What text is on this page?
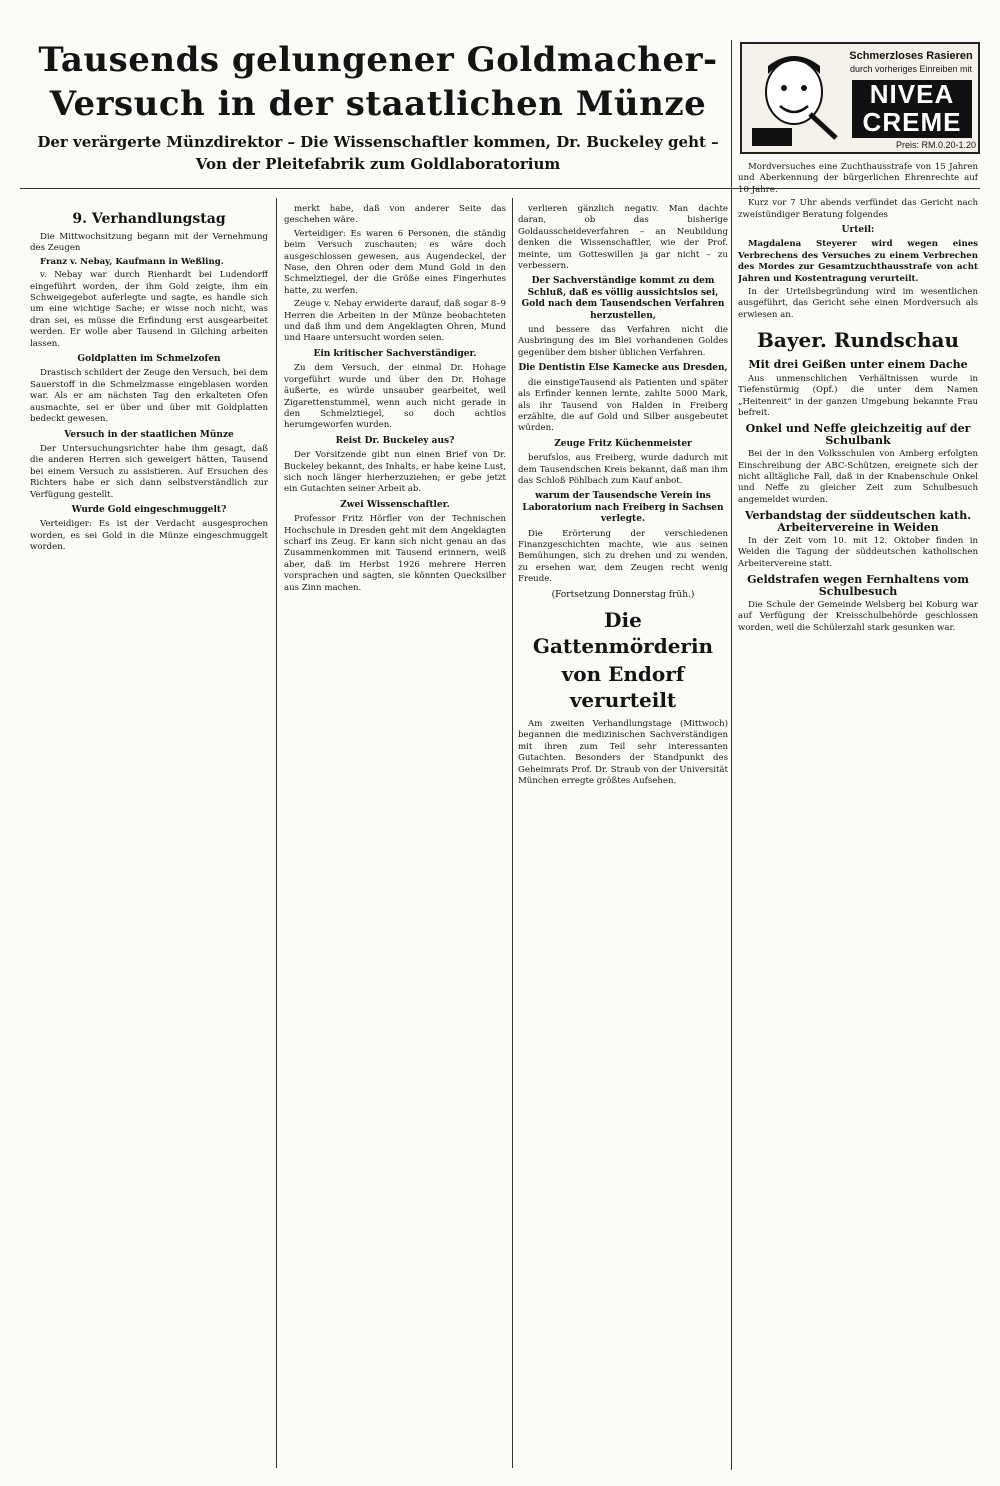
Tausends gelungener Goldmacher-
Versuch in der staatlichen Münze
Der verärgerte Münzdirektor – Die Wissenschaftler kommen, Dr. Buckeley geht –
Von der Pleitefabrik zum Goldlaboratorium
Schmerzloses Rasieren
durch vorheriges Einreiben mit
NIVEA
CREME
Preis: RM.0.20-1.20
9. Verhandlungstag

Die Mittwochsitzung begann mit der Vernehmung des Zeugen

Franz v. Nebay, Kaufmann in Weßling.

v. Nebay war durch Rienhardt bei Ludendorff eingeführt worden, der ihm Gold zeigte, ihm ein Schweigegebot auferlegte und sagte, es handle sich um eine wichtige Sache; er wisse noch nicht, was dran sei, es müsse die Erfindung erst ausgearbeitet werden. Er wolle aber Tausend in Gilching arbeiten lassen.

Goldplatten im Schmelzofen

Drastisch schildert der Zeuge den Versuch, bei dem Sauerstoff in die Schmelzmasse eingeblasen worden war. Als er am nächsten Tag den erkalteten Ofen ausmachte, sei er über und über mit Goldplatten bedeckt gewesen.

Versuch in der staatlichen Münze

Der Untersuchungsrichter habe ihm gesagt, daß die anderen Herren sich geweigert hätten, Tausend bei einem Versuch zu assistieren. Auf Ersuchen des Richters habe er sich dann selbstverständlich zur Verfügung gestellt.

Wurde Gold eingeschmuggelt?

Verteidiger: Es ist der Verdacht ausgesprochen worden, es sei Gold in die Münze eingeschmuggelt worden.

merkt habe, daß von anderer Seite das geschehen wäre.

Verteidiger: Es waren 6 Personen, die ständig beim Versuch zuschauten; es wäre doch ausgeschlossen gewesen, aus Augendeckel, der Nase, den Ohren oder dem Mund Gold in den Schmelztiegel, der die Größe eines Fingerhutes hatte, zu werfen.

Zeuge v. Nebay erwiderte darauf, daß sogar 8–9 Herren die Arbeiten in der Münze beobachteten und daß ihm und dem Angeklagten Ohren, Mund und Haare untersucht worden seien.

Ein kritischer Sachverständiger.

Zu dem Versuch, der einmal Dr. Hohage vorgeführt wurde und über den Dr. Hohage äußerte, es würde unsauber gearbeitet, weil Zigarettenstummel, wenn auch nicht gerade in den Schmelztiegel, so doch achtlos herumgeworfen wurden.

Reist Dr. Buckeley aus?

Der Vorsitzende gibt nun einen Brief von Dr. Buckeley bekannt, des Inhalts, er habe keine Lust, sich noch länger hierherzuziehen; er gebe jetzt ein Gutachten seiner Arbeit ab.

Zwei Wissenschaftler.

Professor Fritz Hörfler von der Technischen Hochschule in Dresden geht mit dem Angeklagten scharf ins Zeug. Er kann sich nicht genau an das Zusammenkommen mit Tausend erinnern, weiß aber, daß im Herbst 1926 mehrere Herren vorsprachen und sagten, sie könnten Quecksilber aus Zinn machen.

verlieren gänzlich negativ. Man dachte daran, ob das bisherige Goldausscheideverfahren – an Neubildung denken die Wissenschaftler, wie der Prof. meinte, um Gotteswillen ja gar nicht – zu verbessern.

Der Sachverständige kommt zu dem Schluß, daß es völlig aussichtslos sei, Gold nach dem Tausendschen Verfahren herzustellen,

und bessere das Verfahren nicht die Ausbringung des im Blei vorhandenen Goldes gegenüber dem bisher üblichen Verfahren.

Die Dentistin Else Kamecke aus Dresden,

die einstigeTausend als Patienten und später als Erfinder kennen lernte, zahlte 5000 Mark, als ihr Tausend von Halden in Freiberg erzählte, die auf Gold und Silber ausgebeutet würden.

Zeuge Fritz Küchenmeister

berufslos, aus Freiberg, wurde dadurch mit dem Tausendschen Kreis bekannt, daß man ihm das Schloß Pöhlbach zum Kauf anbot.

warum der Tausendsche Verein ins Laboratorium nach Freiberg in Sachsen verlegte.

Die Erörterung der verschiedenen Finanzgeschichten machte, wie aus seinen Bemühungen, sich zu drehen und zu wenden, zu ersehen war, dem Zeugen recht wenig Freude.

(Fortsetzung Donnerstag früh.)
Die Gattenmörderin
von Endorf verurteilt

Am zweiten Verhandlungstage (Mittwoch) begannen die medizinischen Sachverständigen mit ihren zum Teil sehr interessanten Gutachten. Besonders der Standpunkt des Geheimrats Prof. Dr. Straub von der Universität München erregte größtes Aufsehen.

Mordversuches eine Zuchthausstrafe von 15 Jahren und Aberkennung der bürgerlichen Ehrenrechte auf 10 Jahre.

Kurz vor 7 Uhr abends verfündet das Gericht nach zweistündiger Beratung folgendes

Urteil:

Magdalena Steyerer wird wegen eines Verbrechens des Versuches zu einem Verbrechen des Mordes zur Gesamtzuchthausstrafe von acht Jahren und Kostentragung verurteilt.

In der Urteilsbegründung wird im wesentlichen ausgeführt, das Gericht sehe einen Mordversuch als erwiesen an.

Bayer. Rundschau
Mit drei Geißen unter einem Dache

Aus unmenschlichen Verhältnissen wurde in Tiefenstürmig (Opf.) die unter dem Namen „Heitenreit“ in der ganzen Umgebung bekannte Frau befreit.

Onkel und Neffe gleichzeitig auf der Schulbank

Bei der in den Volksschulen von Amberg erfolgten Einschreibung der ABC-Schützen, ereignete sich der nicht alltägliche Fall, daß in der Knabenschule Onkel und Neffe zu gleicher Zeit zum Schulbesuch angemeldet wurden.

Verbandstag der süddeutschen kath. Arbeitervereine in Weiden

In der Zeit vom 10. mit 12. Oktober finden in Weiden die Tagung der süddeutschen katholischen Arbeitervereine statt.

Geldstrafen wegen Fernhaltens vom Schulbesuch

Die Schule der Gemeinde Welsberg bei Koburg war auf Verfügung der Kreisschulbehörde geschlossen worden, weil die Schülerzahl stark gesunken war.
